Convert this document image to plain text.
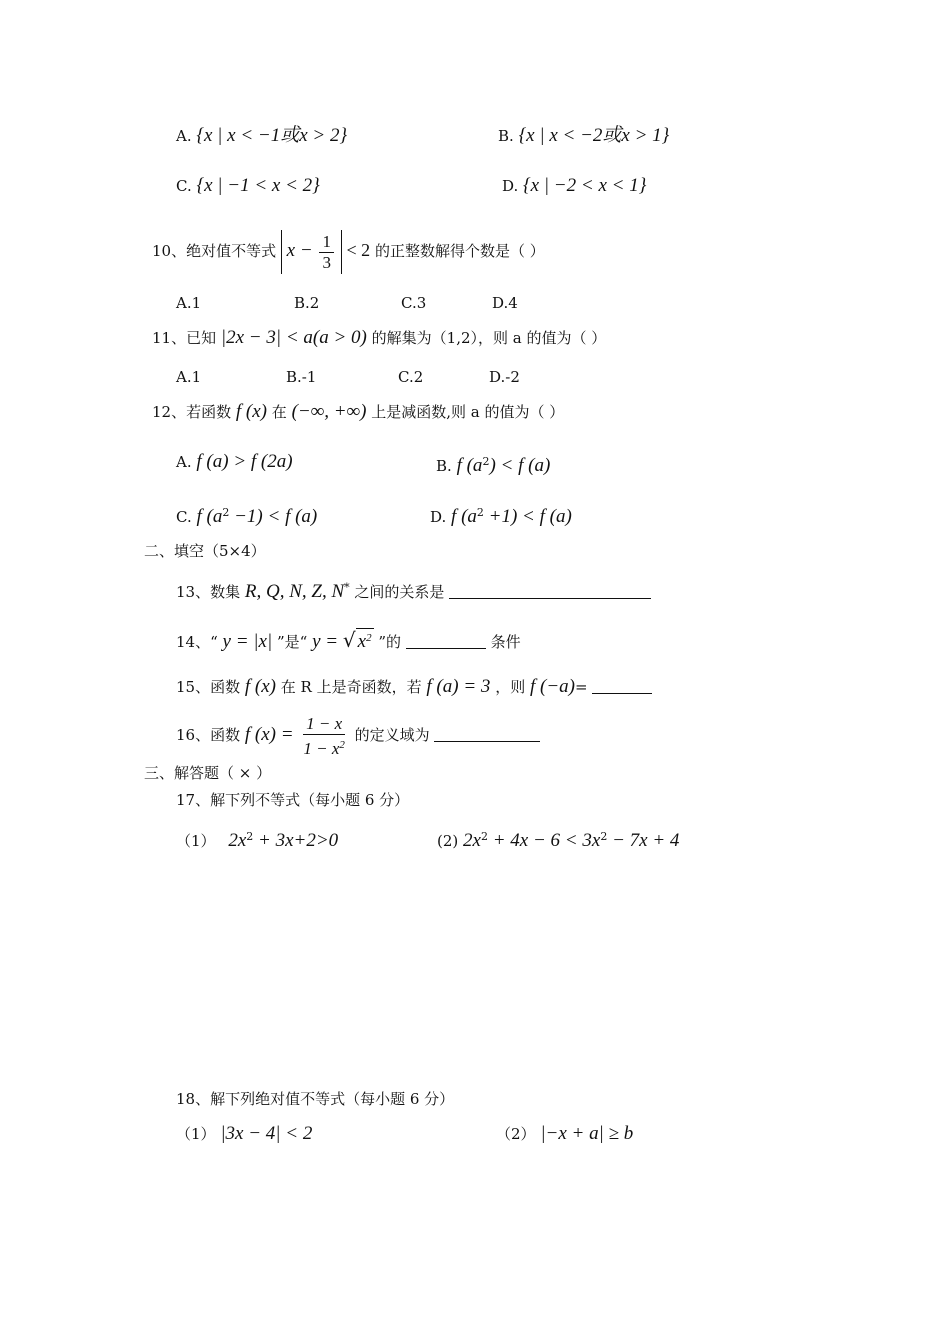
A. {x | x < −1或x > 2}	B. {x | x < −2或x > 1}
C. {x | −1 < x < 2}	D. {x | −2 < x < 1}
10、绝对值不等式 $x - \frac{1}{3} < 2$ 的正整数解得个数是（ ）
A.1	B.2	C.3	D.4
11、已知 |2x − 3| < a(a > 0) 的解集为（1,2），则 a 的值为（ ）
A.1	B.-1	C.2	D.-2
12、若函数 f (x) 在 (−∞, +∞) 上是减函数,则 a 的值为（ ）
A. f (a) > f (2a)	B. f $(a^2) < f$ (a)
C. f $(a^2 -1) < f$ (a)	D. f $(a^2 +1) < f$ (a)
二、填空（5×4）
13、数集 R, Q, N, Z, N* 之间的关系是
14、“ y = |x| ”是“ y = √ $x^2$ ”的	条件
15、函数 f (x) 在 R 上是奇函数，若 f (a) = 3 ，则 f (−a)=
16、函数 f $(x) = \frac{1 - x}{1 - x^2}$ 的定义域为
三、解答题（ × ）
17、解下列不等式（每小题 6 分）
（1） $2x^2 + 3x+2>0$	(2) $2x^2 + 4x - 6 < 3x^2 - 7x + 4$
18、解下列绝对值不等式（每小题 6 分）
（1） |3x − 4| < 2	（2） |−x + a| ≥ b
